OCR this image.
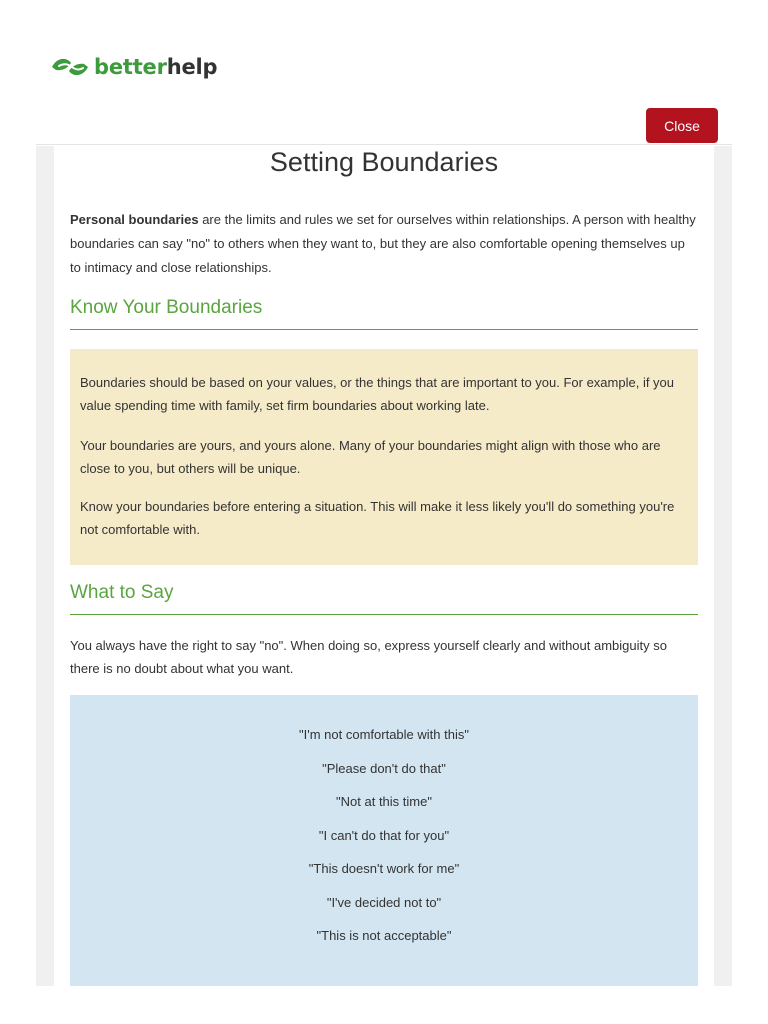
betterhelp
Close
Setting Boundaries

Personal boundaries are the limits and rules we set for ourselves within relationships. A person with healthy boundaries can say "no" to others when they want to, but they are also comfortable opening themselves up to intimacy and close relationships.

Know Your Boundaries

Boundaries should be based on your values, or the things that are important to you. For example, if you value spending time with family, set firm boundaries about working late.

Your boundaries are yours, and yours alone. Many of your boundaries might align with those who are close to you, but others will be unique.

Know your boundaries before entering a situation. This will make it less likely you'll do something you're not comfortable with.

What to Say

You always have the right to say "no". When doing so, express yourself clearly and without ambiguity so there is no doubt about what you want.

"I'm not comfortable with this"
"Please don't do that"
"Not at this time"
"I can't do that for you"
"This doesn't work for me"
"I've decided not to"
"This is not acceptable"
